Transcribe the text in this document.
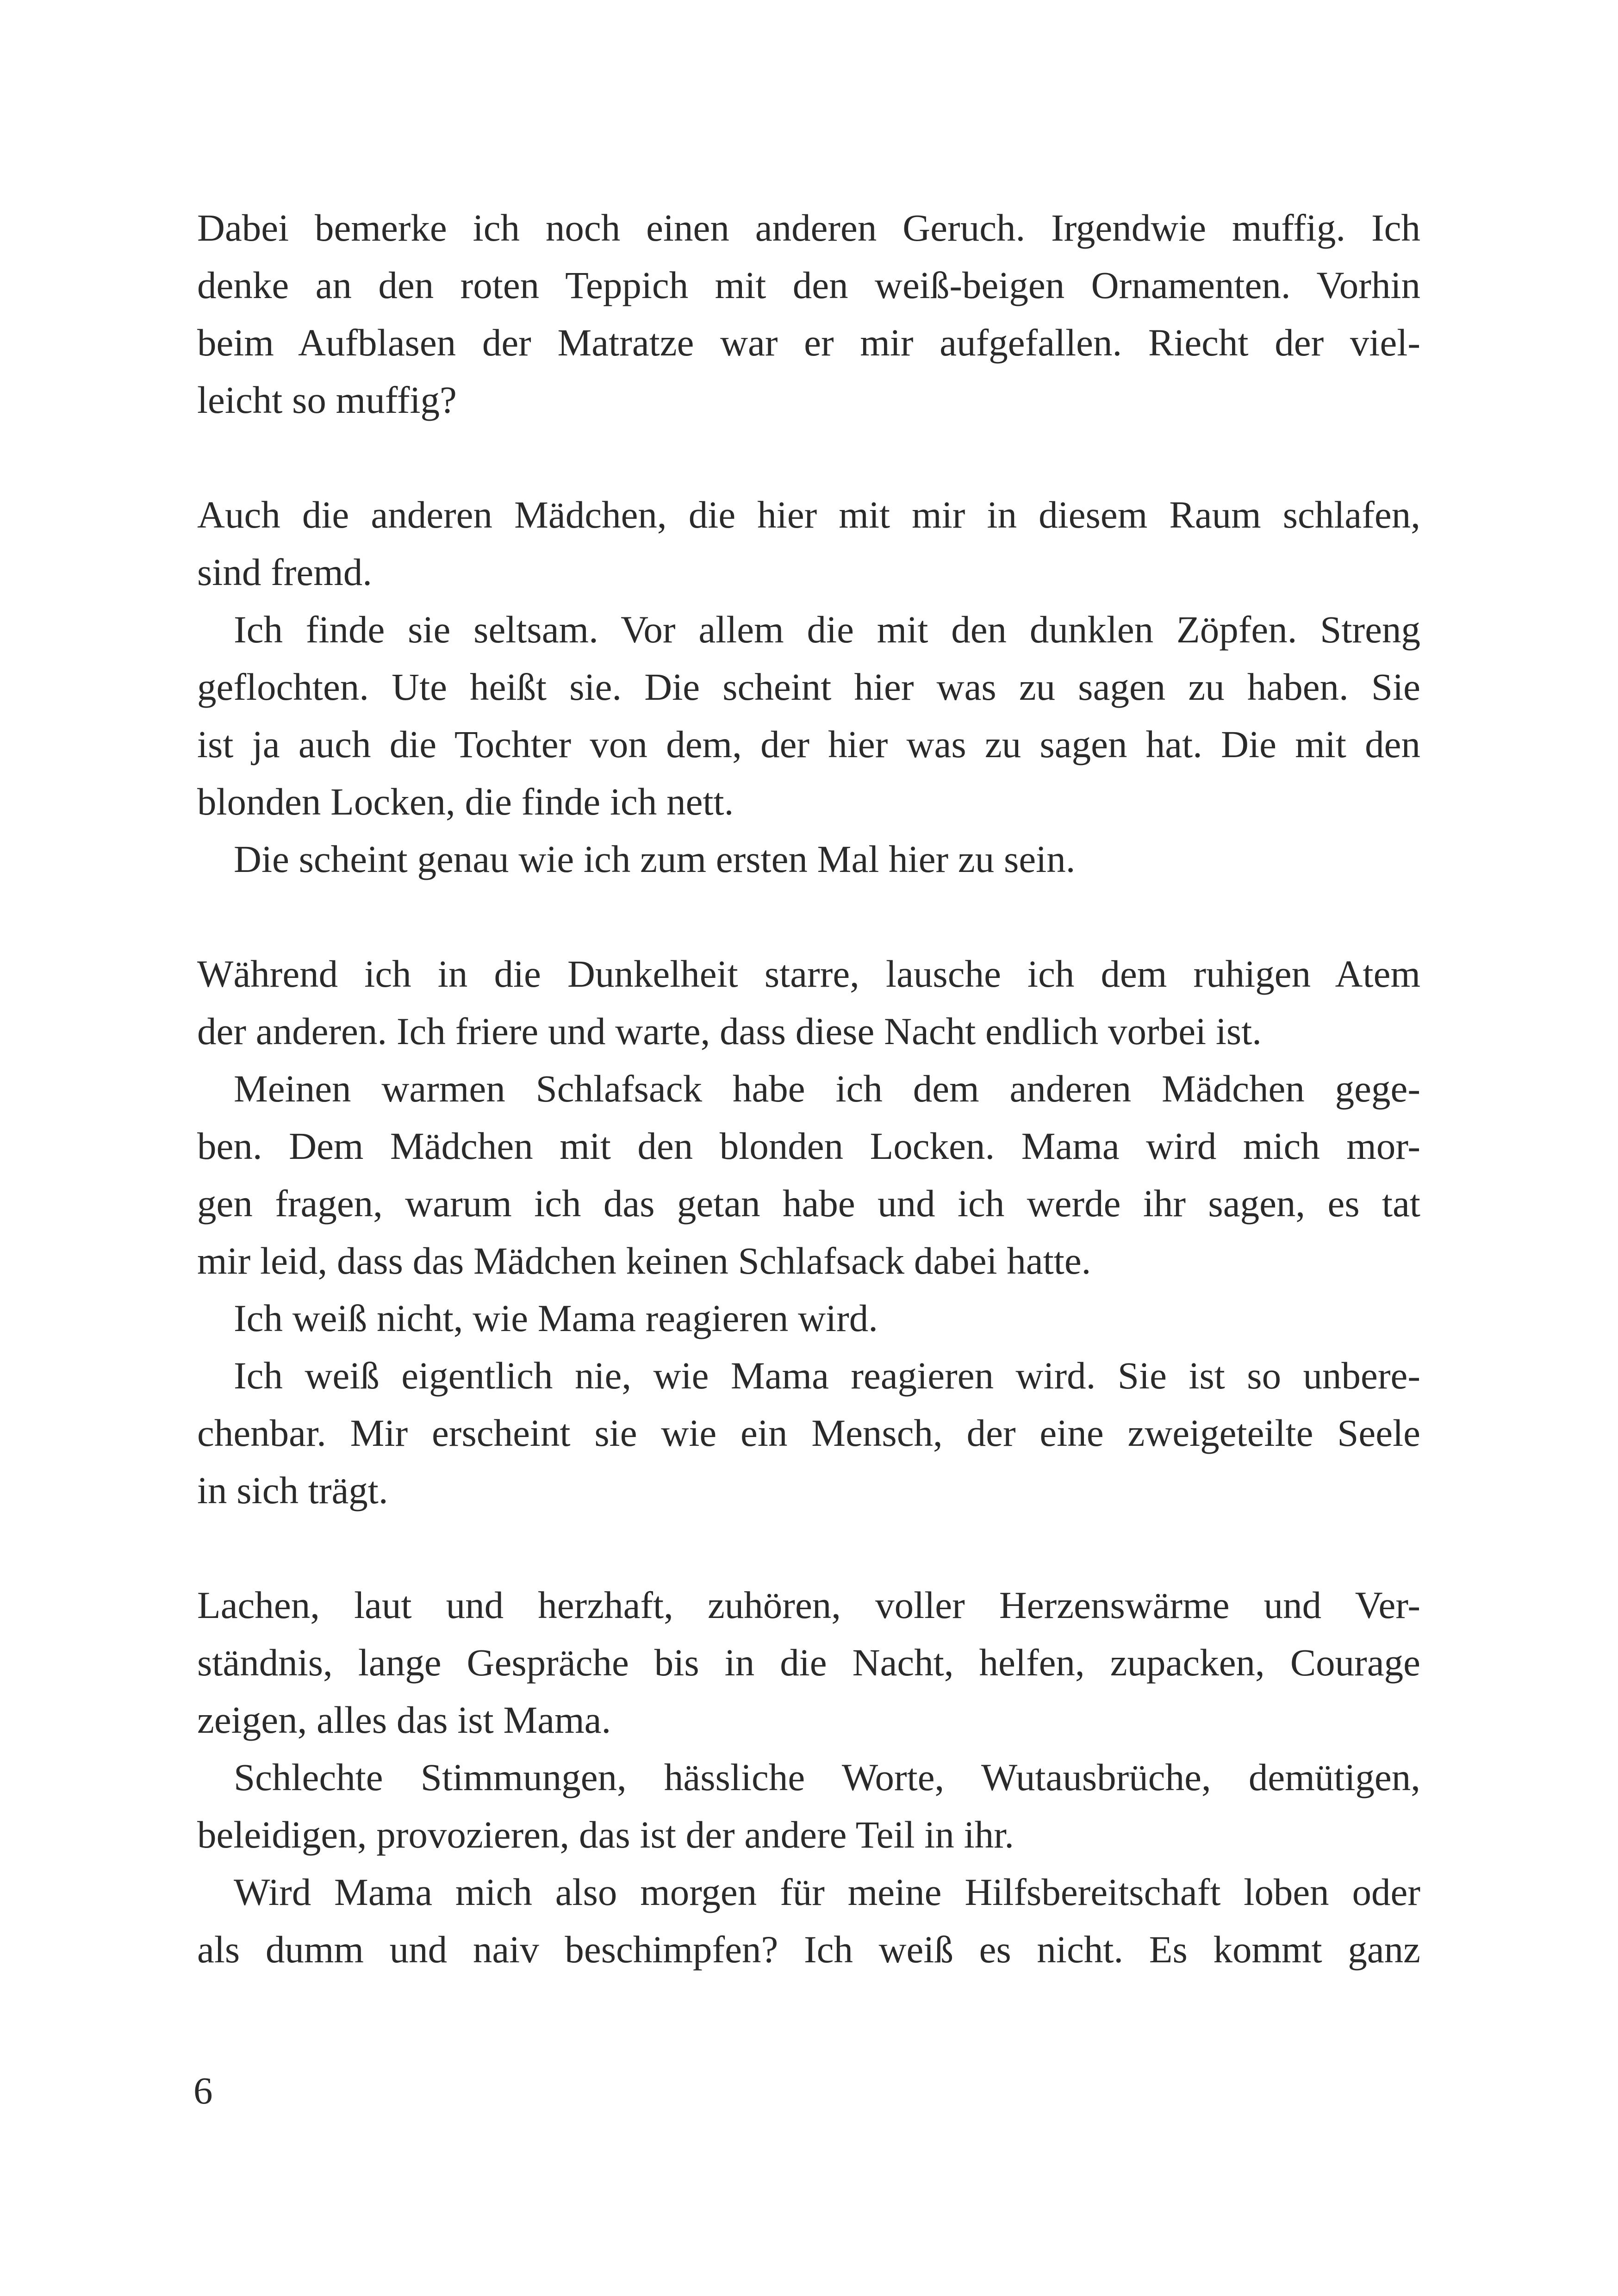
Dabei bemerke ich noch einen anderen Geruch. Irgendwie muffig. Ich
denke an den roten Teppich mit den weiß-beigen Ornamenten. Vorhin
beim Aufblasen der Matratze war er mir aufgefallen. Riecht der viel-
leicht so muffig?
Auch die anderen Mädchen, die hier mit mir in diesem Raum schlafen,
sind fremd.
Ich finde sie seltsam. Vor allem die mit den dunklen Zöpfen. Streng
geflochten. Ute heißt sie. Die scheint hier was zu sagen zu haben. Sie
ist ja auch die Tochter von dem, der hier was zu sagen hat. Die mit den
blonden Locken, die finde ich nett.
Die scheint genau wie ich zum ersten Mal hier zu sein.
Während ich in die Dunkelheit starre, lausche ich dem ruhigen Atem
der anderen. Ich friere und warte, dass diese Nacht endlich vorbei ist.
Meinen warmen Schlafsack habe ich dem anderen Mädchen gege-
ben. Dem Mädchen mit den blonden Locken. Mama wird mich mor-
gen fragen, warum ich das getan habe und ich werde ihr sagen, es tat
mir leid, dass das Mädchen keinen Schlafsack dabei hatte.
Ich weiß nicht, wie Mama reagieren wird.
Ich weiß eigentlich nie, wie Mama reagieren wird. Sie ist so unbere-
chenbar. Mir erscheint sie wie ein Mensch, der eine zweigeteilte Seele
in sich trägt.
Lachen, laut und herzhaft, zuhören, voller Herzenswärme und Ver-
ständnis, lange Gespräche bis in die Nacht, helfen, zupacken, Courage
zeigen, alles das ist Mama.
Schlechte Stimmungen, hässliche Worte, Wutausbrüche, demütigen,
beleidigen, provozieren, das ist der andere Teil in ihr.
Wird Mama mich also morgen für meine Hilfsbereitschaft loben oder
als dumm und naiv beschimpfen? Ich weiß es nicht. Es kommt ganz
6
